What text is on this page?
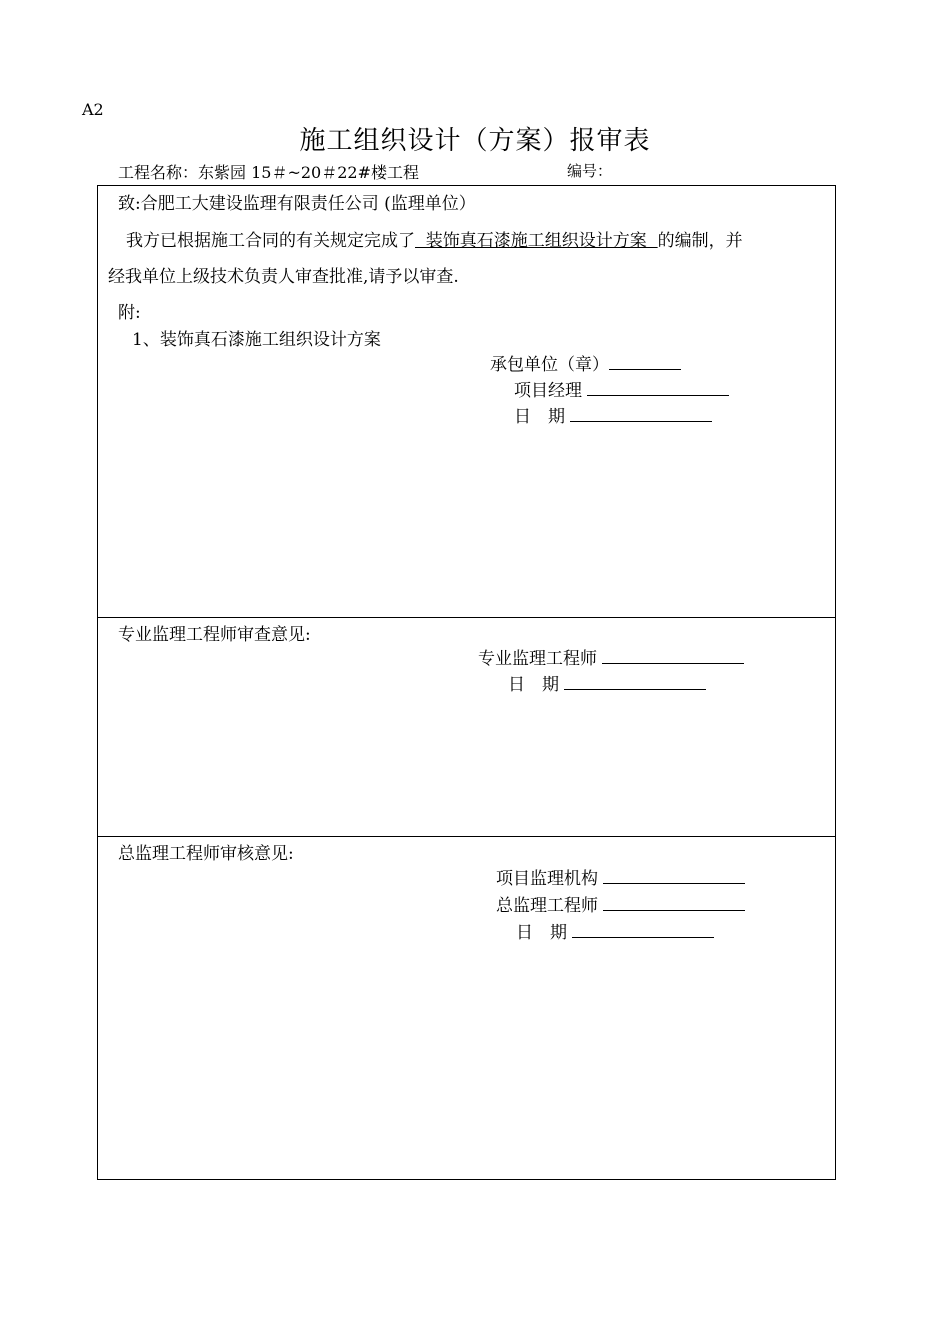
A2
施工组织设计（方案）报审表
工程名称：东紫园 15＃~20＃22#楼工程	编号：
致:合肥工大建设监理有限责任公司 (监理单位）
我方已根据施工合同的有关规定完成了  装饰真石漆施工组织设计方案  的编制，并
经我单位上级技术负责人审查批准,请予以审查.
附:
1、装饰真石漆施工组织设计方案
承包单位（章）
项目经理
日　期
专业监理工程师审查意见:
专业监理工程师
日　期
总监理工程师审核意见:
项目监理机构
总监理工程师
日　期
